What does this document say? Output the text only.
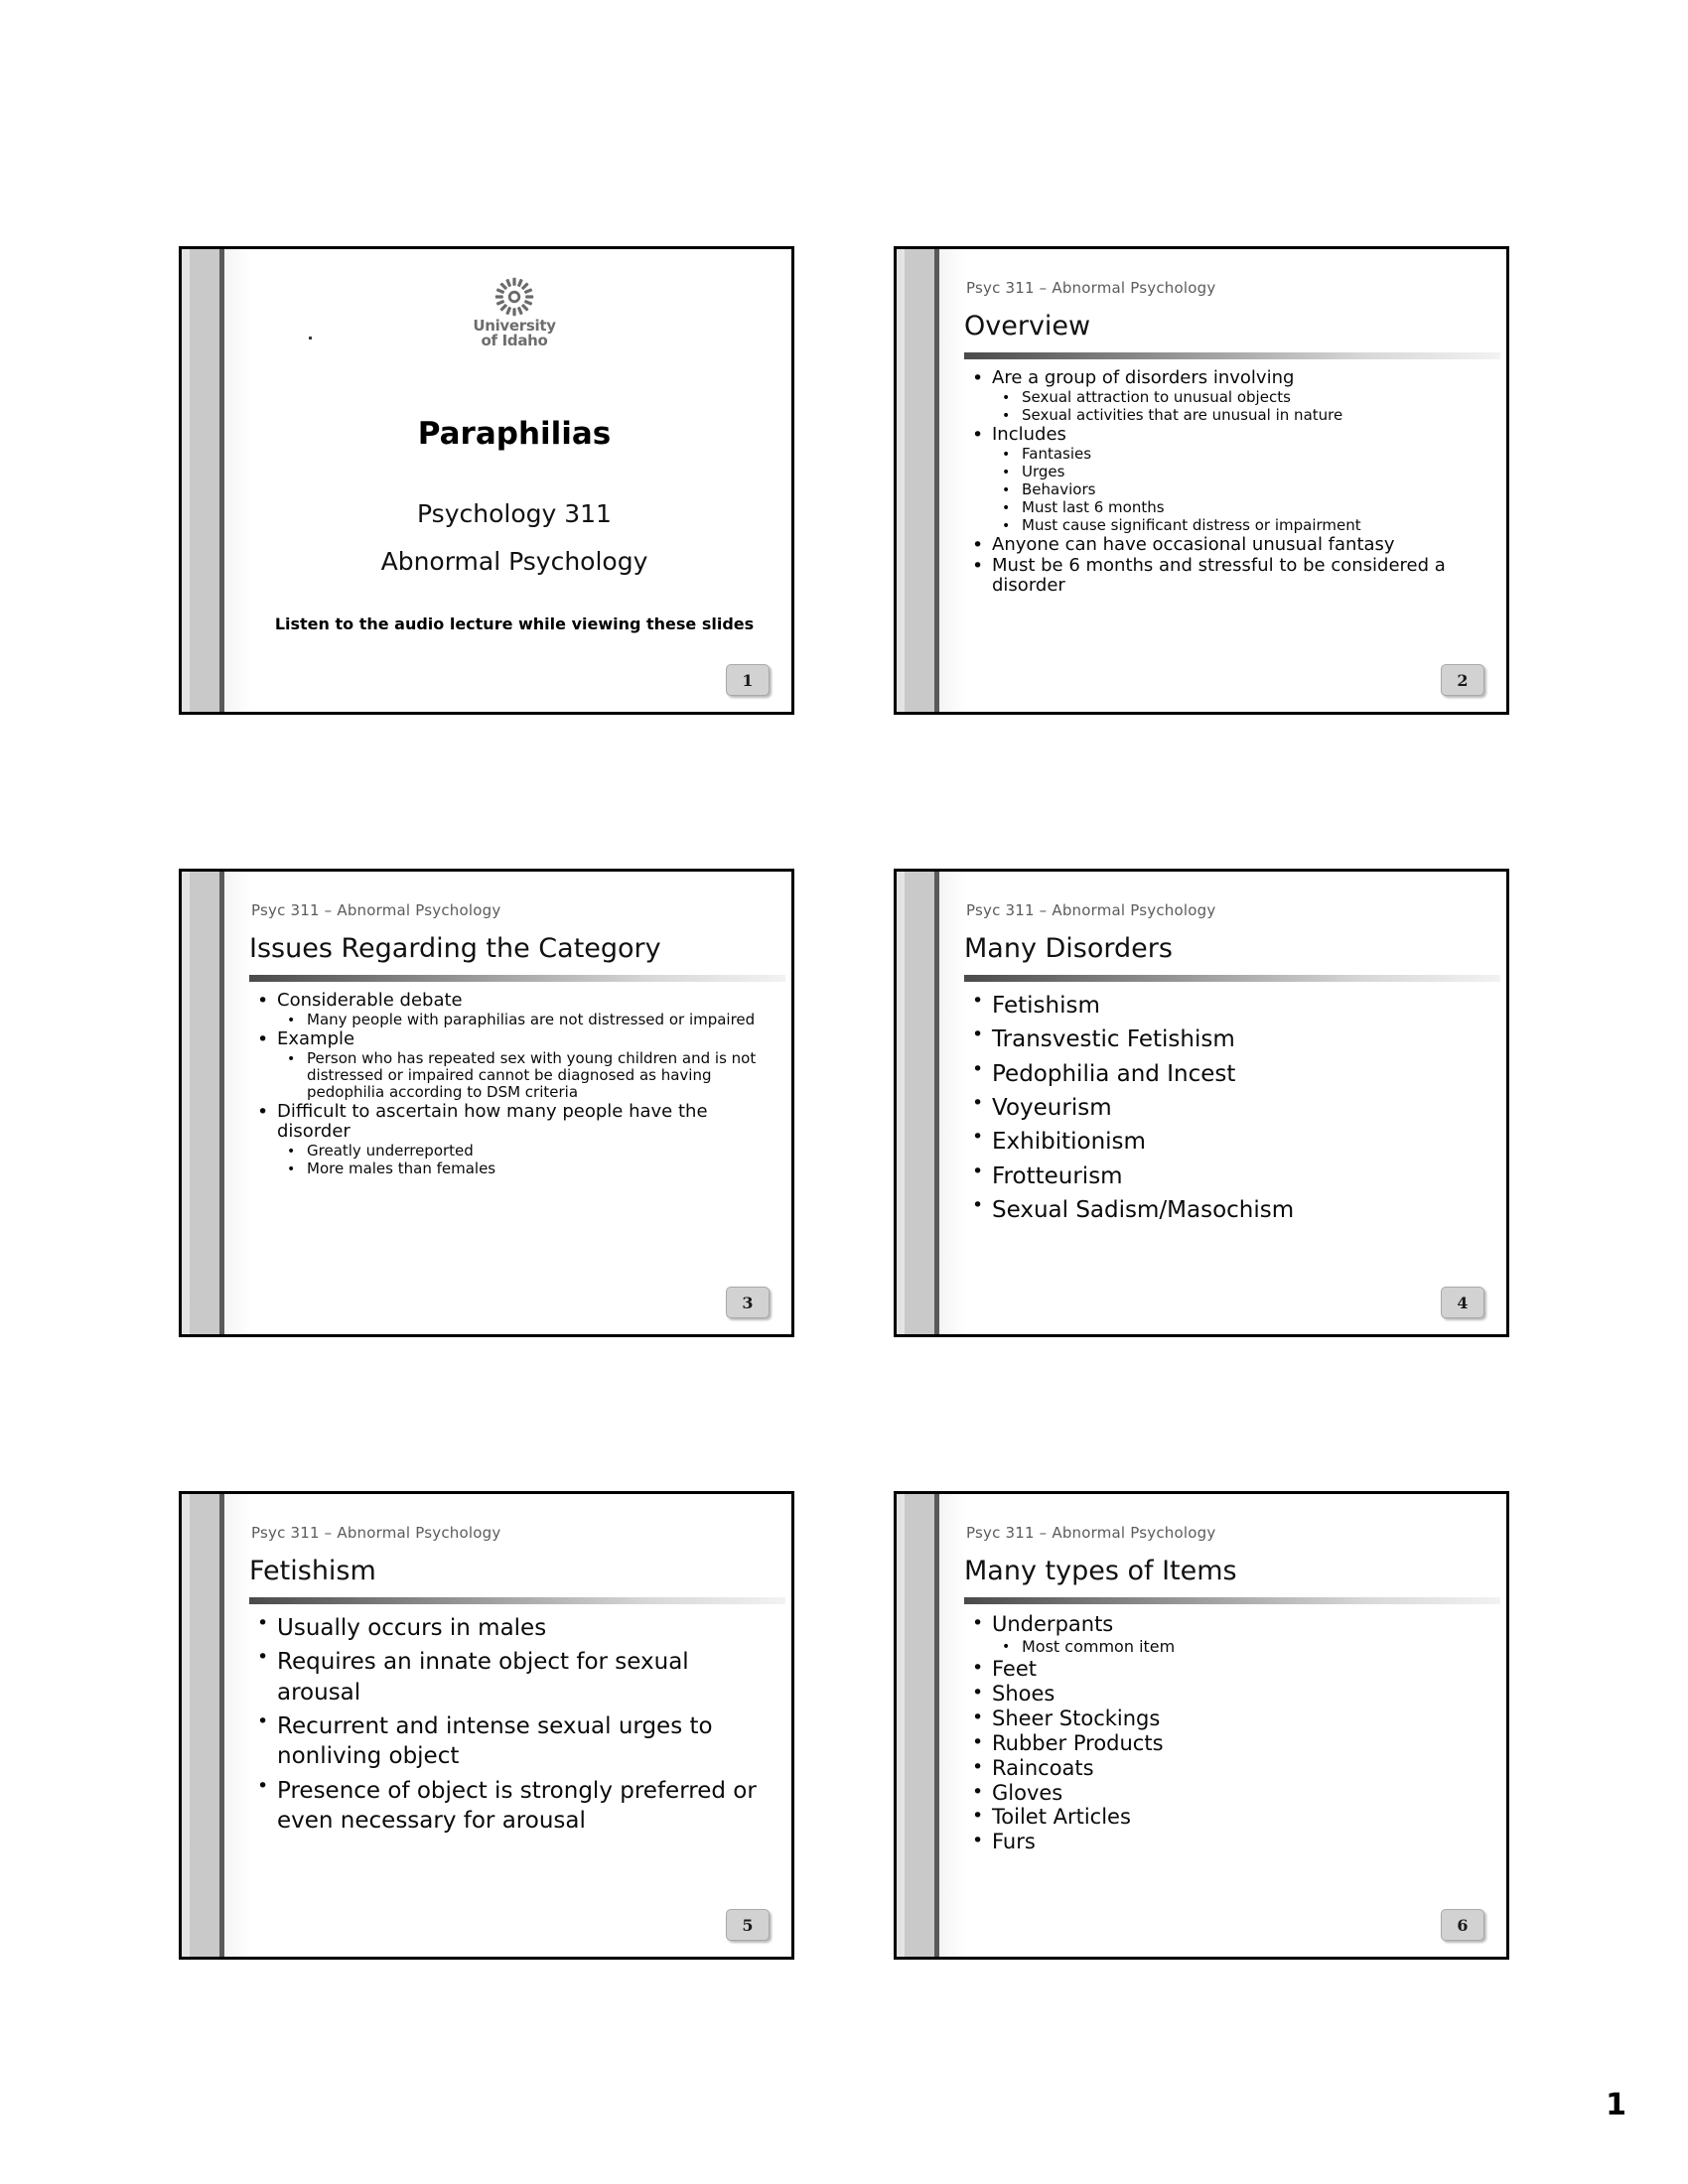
University
of Idaho
Paraphilias
Psychology 311
Abnormal Psychology
Listen to the audio lecture while viewing these slides
1
Psyc 311 – Abnormal Psychology
Overview
• Are a group of disorders involving
• Sexual attraction to unusual objects
• Sexual activities that are unusual in nature
• Includes
• Fantasies
• Urges
• Behaviors
• Must last 6 months
• Must cause significant distress or impairment
• Anyone can have occasional unusual fantasy
• Must be 6 months and stressful to be considered a disorder
2
Psyc 311 – Abnormal Psychology
Issues Regarding the Category
• Considerable debate
• Many people with paraphilias are not distressed or impaired
• Example
• Person who has repeated sex with young children and is not distressed or impaired cannot be diagnosed as having pedophilia according to DSM criteria
• Difficult to ascertain how many people have the disorder
• Greatly underreported
• More males than females
3
Psyc 311 – Abnormal Psychology
Many Disorders
• Fetishism
• Transvestic Fetishism
• Pedophilia and Incest
• Voyeurism
• Exhibitionism
• Frotteurism
• Sexual Sadism/Masochism
4
Psyc 311 – Abnormal Psychology
Fetishism
• Usually occurs in males
• Requires an innate object for sexual arousal
• Recurrent and intense sexual urges to nonliving object
• Presence of object is strongly preferred or even necessary for arousal
5
Psyc 311 – Abnormal Psychology
Many types of Items
• Underpants
• Most common item
• Feet
• Shoes
• Sheer Stockings
• Rubber Products
• Raincoats
• Gloves
• Toilet Articles
• Furs
6
1
